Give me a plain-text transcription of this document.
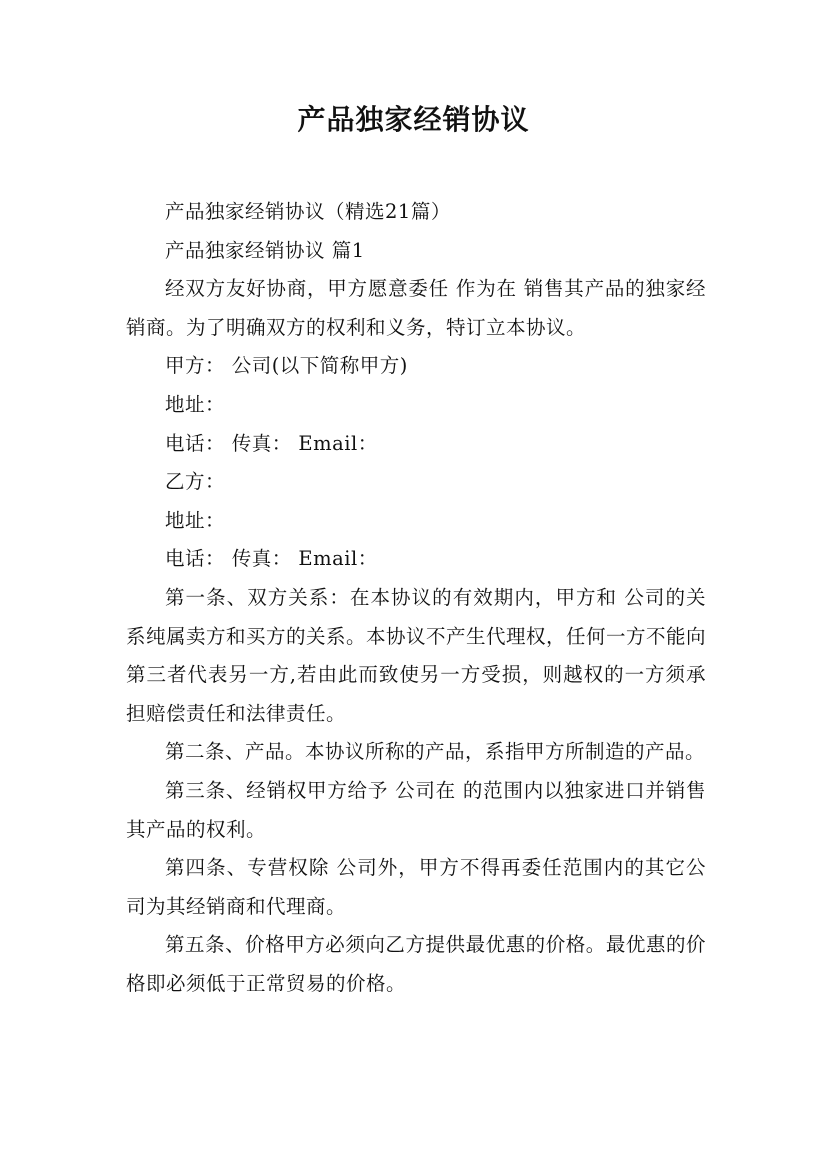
产品独家经销协议

产品独家经销协议（精选21篇）

产品独家经销协议 篇1

经双方友好协商，甲方愿意委任 作为在 销售其产品的独家经销商。为了明确双方的权利和义务，特订立本协议。

甲方： 公司(以下简称甲方)

地址：

电话： 传真： Email：

乙方：

地址：

电话： 传真： Email：

第一条、双方关系：在本协议的有效期内，甲方和 公司的关系纯属卖方和买方的关系。本协议不产生代理权，任何一方不能向第三者代表另一方,若由此而致使另一方受损，则越权的一方须承担赔偿责任和法律责任。

第二条、产品。本协议所称的产品，系指甲方所制造的产品。

第三条、经销权甲方给予 公司在 的范围内以独家进口并销售其产品的权利。

第四条、专营权除 公司外，甲方不得再委任范围内的其它公司为其经销商和代理商。

第五条、价格甲方必须向乙方提供最优惠的价格。最优惠的价格即必须低于正常贸易的价格。
